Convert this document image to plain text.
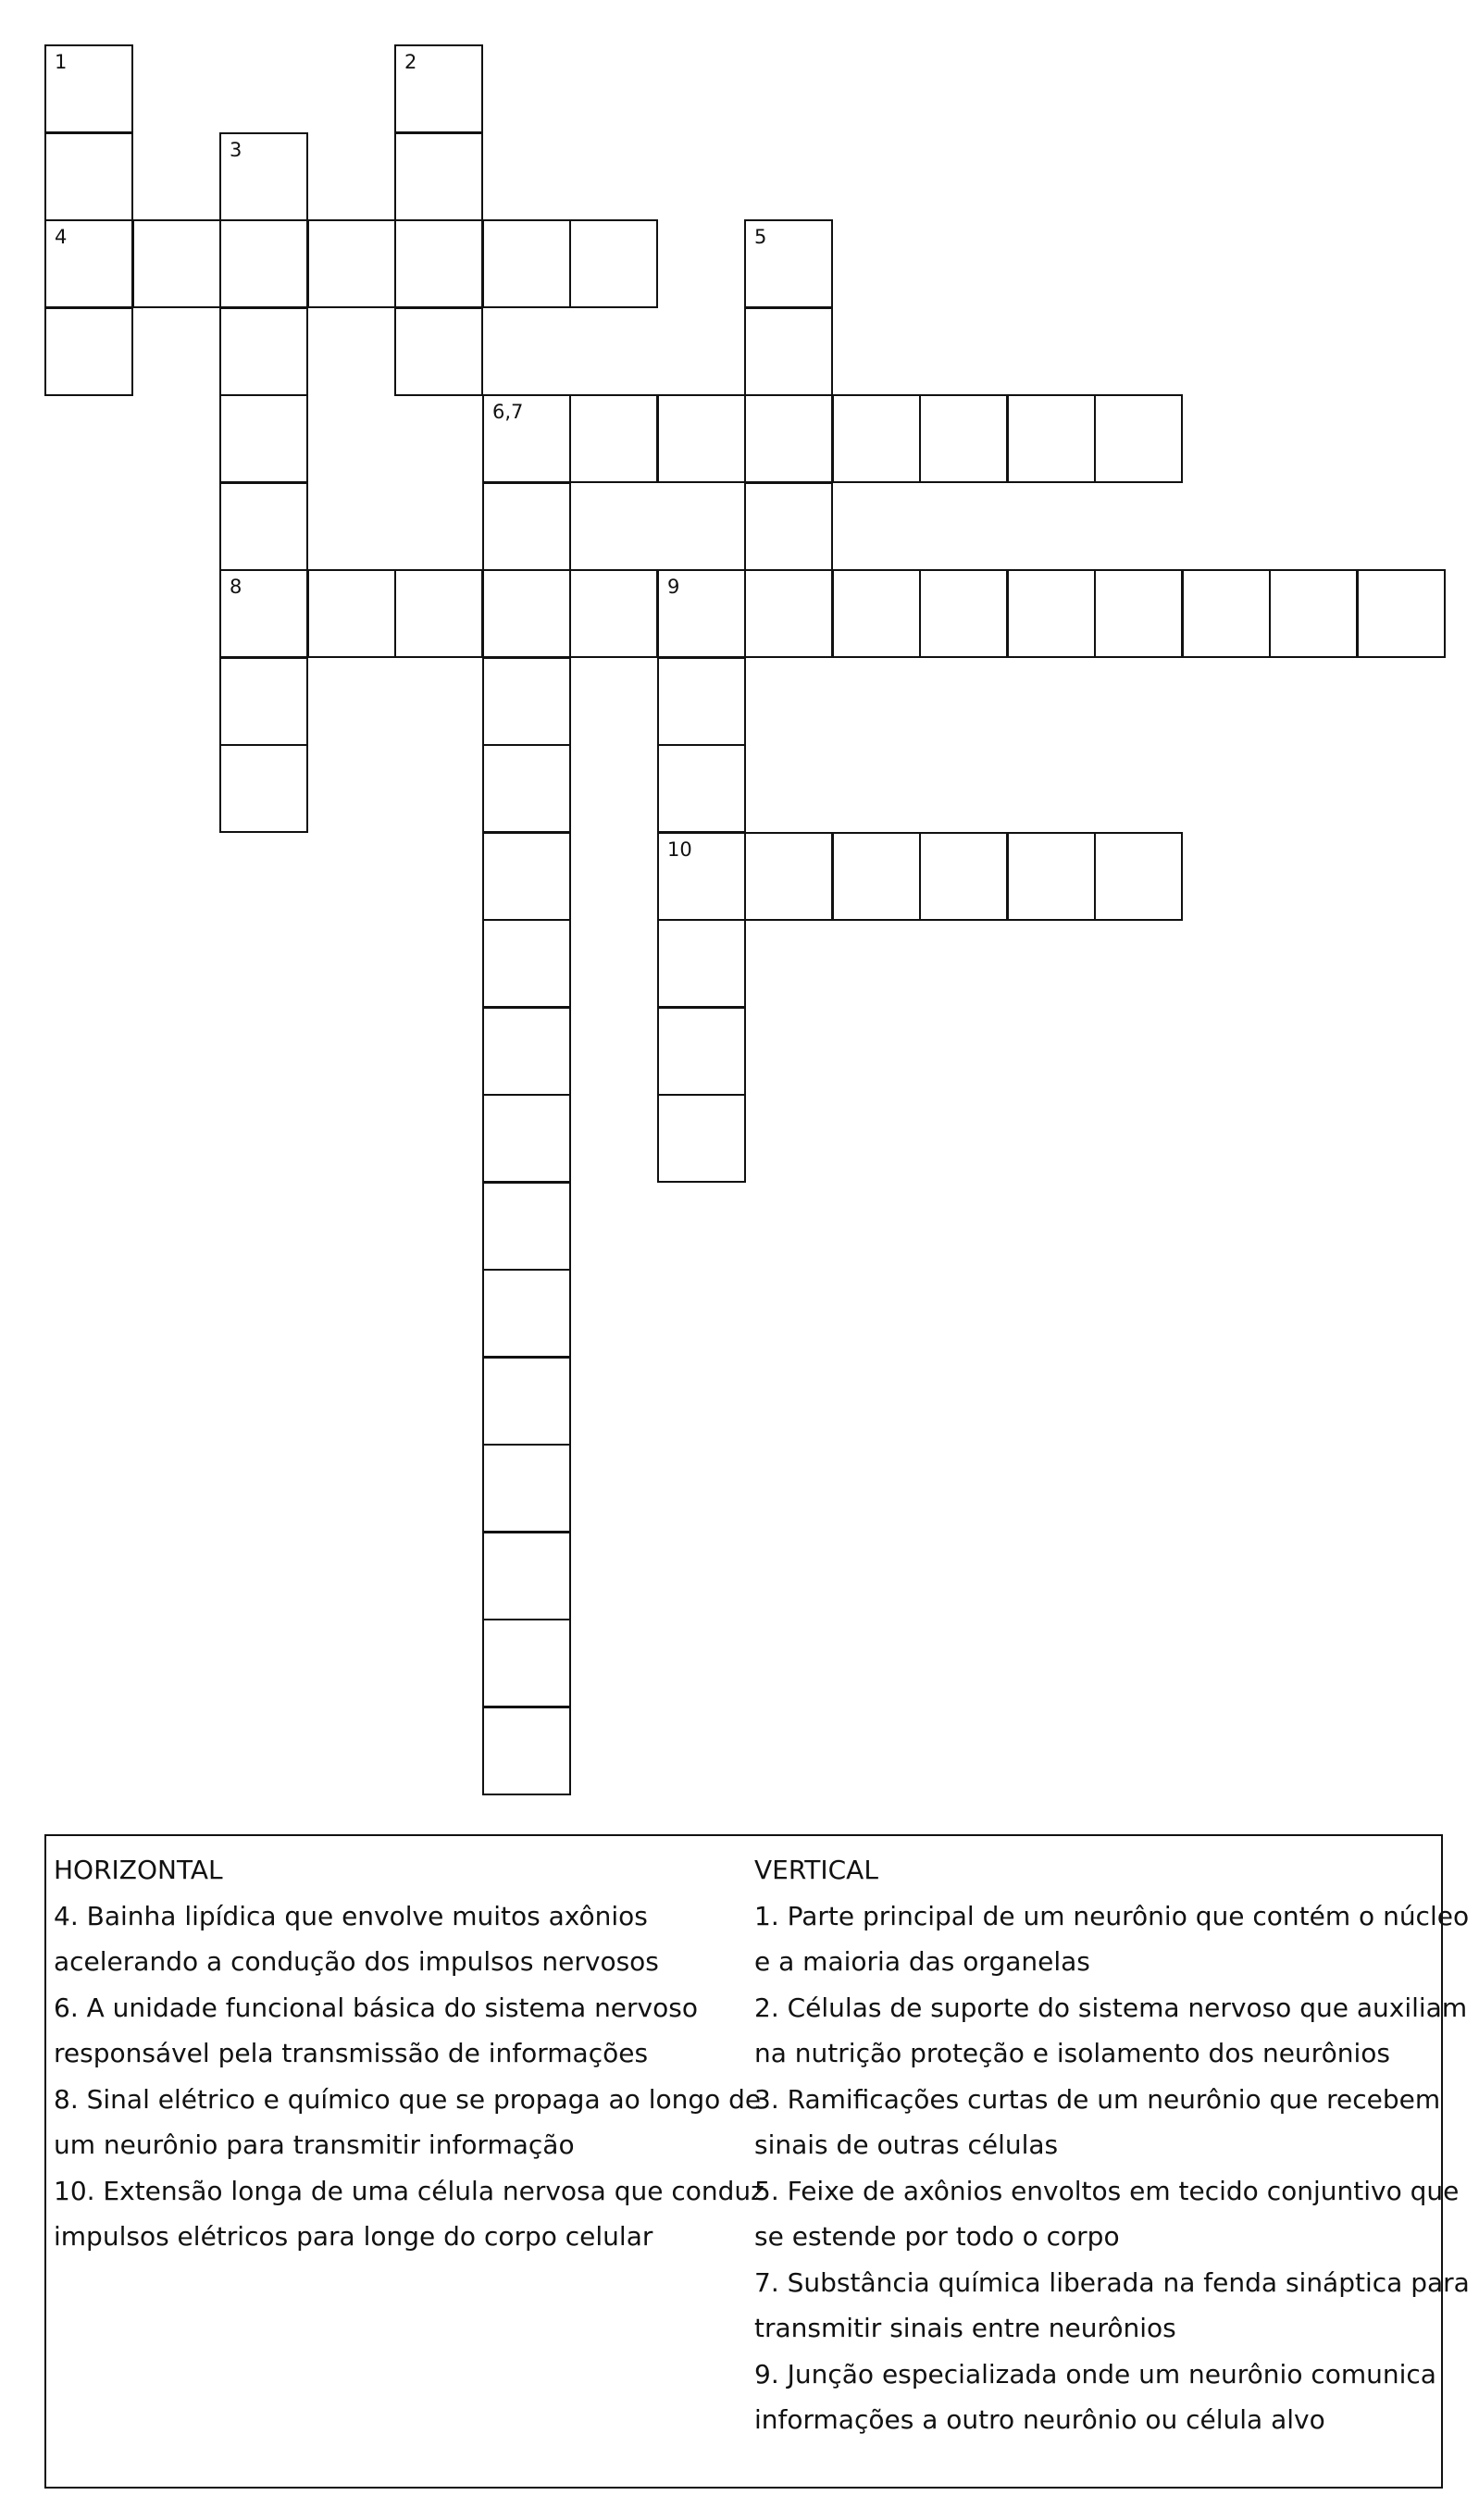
1	2
3
4	5
6,7
8	9
10
HORIZONTAL
4. Bainha lipídica que envolve muitos axônios
acelerando a condução dos impulsos nervosos
6. A unidade funcional básica do sistema nervoso
responsável pela transmissão de informações
8. Sinal elétrico e químico que se propaga ao longo de
um neurônio para transmitir informação
10. Extensão longa de uma célula nervosa que conduz
impulsos elétricos para longe do corpo celular
VERTICAL
1. Parte principal de um neurônio que contém o núcleo
e a maioria das organelas
2. Células de suporte do sistema nervoso que auxiliam
na nutrição proteção e isolamento dos neurônios
3. Ramificações curtas de um neurônio que recebem
sinais de outras células
5. Feixe de axônios envoltos em tecido conjuntivo que
se estende por todo o corpo
7. Substância química liberada na fenda sináptica para
transmitir sinais entre neurônios
9. Junção especializada onde um neurônio comunica
informações a outro neurônio ou célula alvo
